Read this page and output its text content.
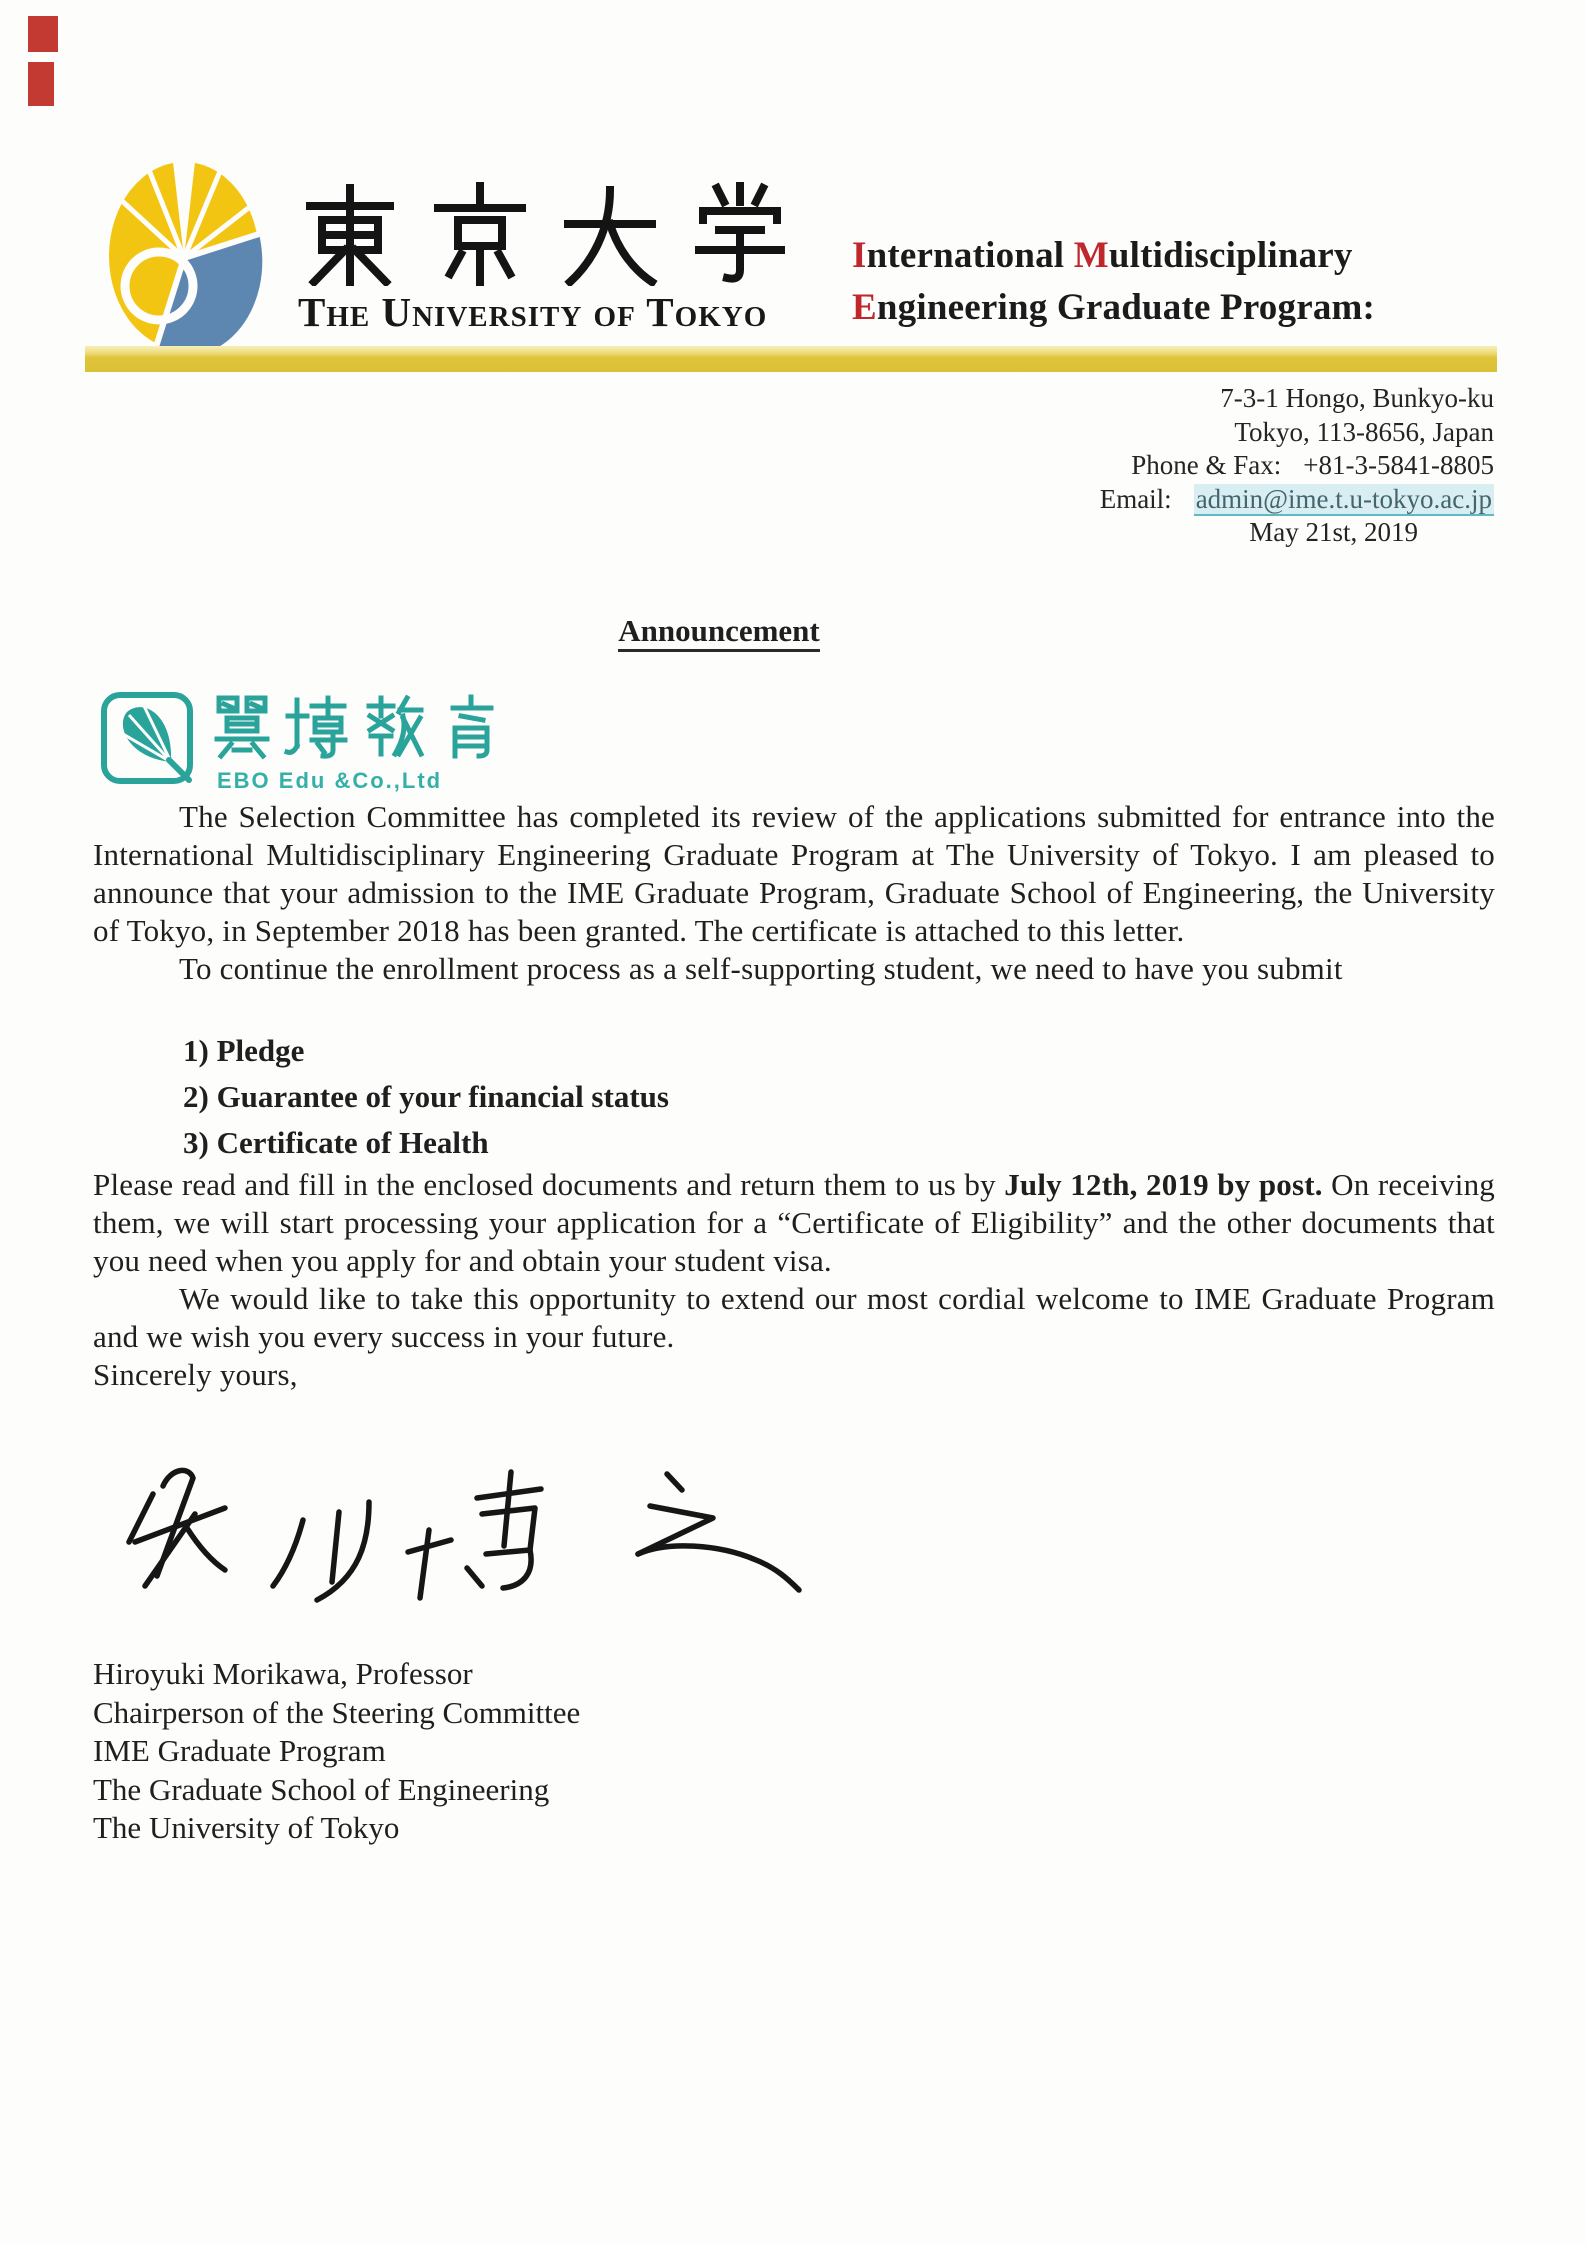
The University of Tokyo
International Multidisciplinary
Engineering Graduate Program:
7-3-1 Hongo, Bunkyo-ku
Tokyo, 113-8656, Japan
Phone & Fax: +81-3-5841-8805
Email: admin@ime.t.u-tokyo.ac.jp
May 21st, 2019
Announcement
EBO Edu &Co.,Ltd

The Selection Committee has completed its review of the applications submitted for entrance into the International Multidisciplinary Engineering Graduate Program at The University of Tokyo. I am pleased to announce that your admission to the IME Graduate Program, Graduate School of Engineering, the University of Tokyo, in September 2018 has been granted. The certificate is attached to this letter.

To continue the enrollment process as a self-supporting student, we need to have you submit

1) Pledge
2) Guarantee of your financial status
3) Certificate of Health

Please read and fill in the enclosed documents and return them to us by July 12th, 2019 by post. On receiving them, we will start processing your application for a “Certificate of Eligibility” and the other documents that you need when you apply for and obtain your student visa.

We would like to take this opportunity to extend our most cordial welcome to IME Graduate Program and we wish you every success in your future.

Sincerely yours,

Hiroyuki Morikawa, Professor
Chairperson of the Steering Committee
IME Graduate Program
The Graduate School of Engineering
The University of Tokyo
